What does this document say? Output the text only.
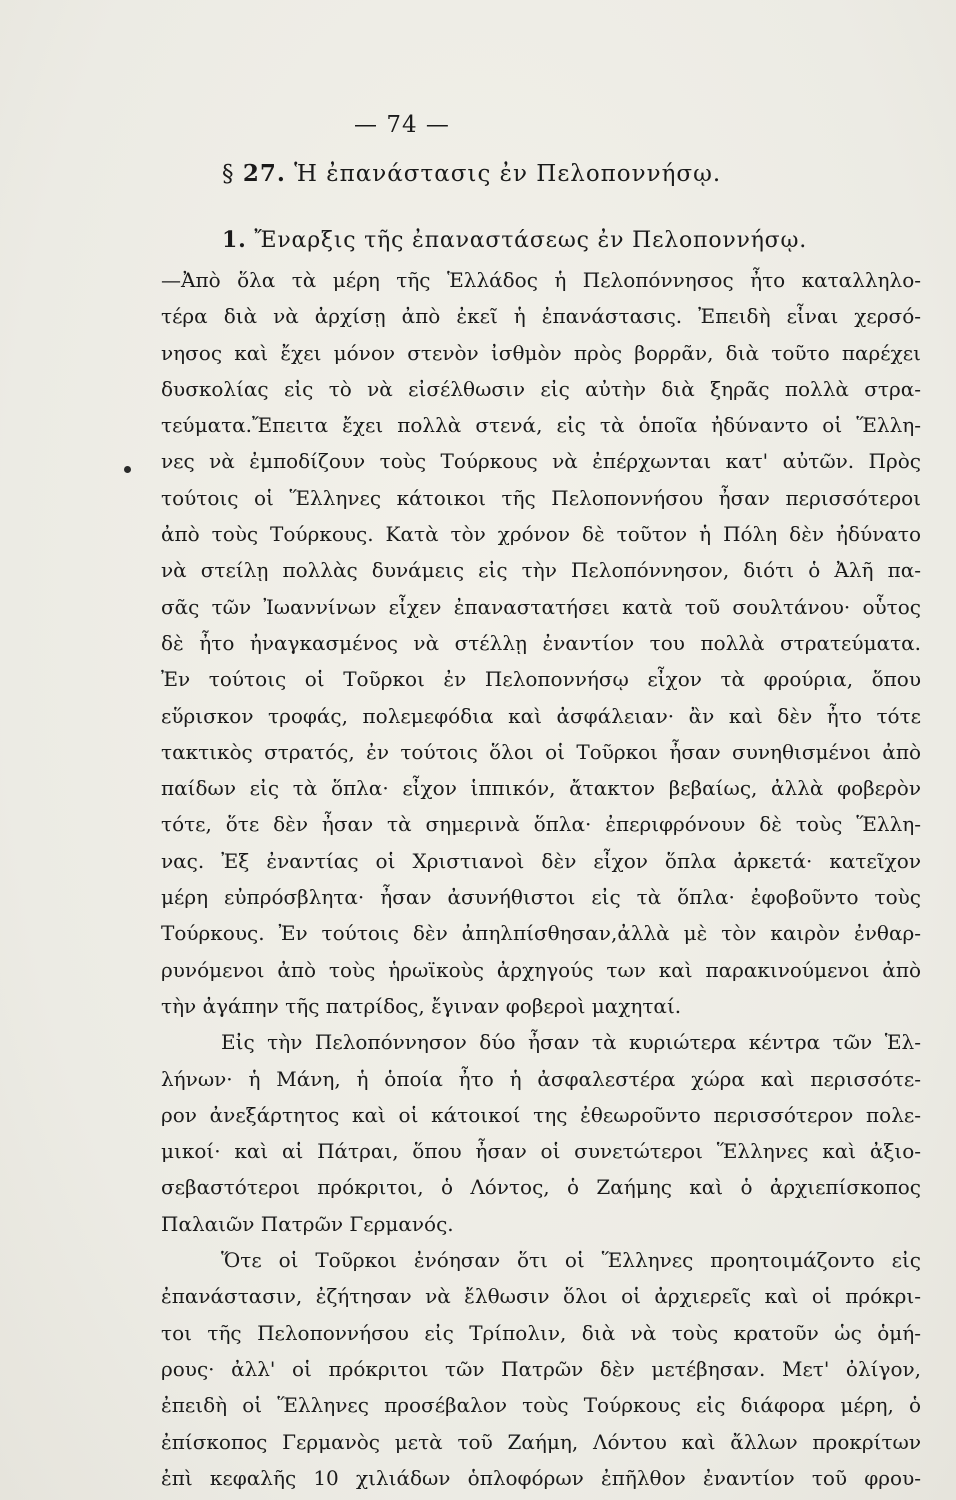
— 74 —
§ 27. Ἡ ἐπανάστασις ἐν Πελοποννήσῳ.
1. Ἔναρξις τῆς ἐπαναστάσεως ἐν Πελοποννήσῳ.
—Ἀπὸ ὅλα τὰ μέρη τῆς Ἑλλάδος ἡ Πελοπόννησος ἦτο καταλληλο-
τέρα διὰ νὰ ἀρχίσῃ ἀπὸ ἐκεῖ ἡ ἐπανάστασις. Ἐπειδὴ εἶναι χερσό-
νησος καὶ ἔχει μόνον στενὸν ἰσθμὸν πρὸς βορρᾶν, διὰ τοῦτο παρέχει
δυσκολίας εἰς τὸ νὰ εἰσέλθωσιν εἰς αὐτὴν διὰ ξηρᾶς πολλὰ στρα-
τεύματα.Ἔπειτα ἔχει πολλὰ στενά, εἰς τὰ ὁποῖα ἠδύναντο οἱ Ἕλλη-
νες νὰ ἐμποδίζουν τοὺς Τούρκους νὰ ἐπέρχωνται κατ' αὐτῶν. Πρὸς
τούτοις οἱ Ἕλληνες κάτοικοι τῆς Πελοποννήσου ἦσαν περισσότεροι
ἀπὸ τοὺς Τούρκους. Κατὰ τὸν χρόνον δὲ τοῦτον ἡ Πόλη δὲν ἠδύνατο
νὰ στείλῃ πολλὰς δυνάμεις εἰς τὴν Πελοπόννησον, διότι ὁ Ἀλῆ πα-
σᾶς τῶν Ἰωαννίνων εἶχεν ἐπαναστατήσει κατὰ τοῦ σουλτάνου· οὗτος
δὲ ἦτο ἠναγκασμένος νὰ στέλλῃ ἐναντίον του πολλὰ στρατεύματα.
Ἐν τούτοις οἱ Τοῦρκοι ἐν Πελοποννήσῳ εἶχον τὰ φρούρια, ὅπου
εὕρισκον τροφάς, πολεμεφόδια καὶ ἀσφάλειαν· ἂν καὶ δὲν ἦτο τότε
τακτικὸς στρατός, ἐν τούτοις ὅλοι οἱ Τοῦρκοι ἦσαν συνηθισμένοι ἀπὸ
παίδων εἰς τὰ ὅπλα· εἶχον ἱππικόν, ἄτακτον βεβαίως, ἀλλὰ φοβερὸν
τότε, ὅτε δὲν ἦσαν τὰ σημερινὰ ὅπλα· ἐπεριφρόνουν δὲ τοὺς Ἕλλη-
νας. Ἐξ ἐναντίας οἱ Χριστιανοὶ δὲν εἶχον ὅπλα ἀρκετά· κατεῖχον
μέρη εὐπρόσβλητα· ἦσαν ἀσυνήθιστοι εἰς τὰ ὅπλα· ἐφοβοῦντο τοὺς
Τούρκους. Ἐν τούτοις δὲν ἀπηλπίσθησαν,ἀλλὰ μὲ τὸν καιρὸν ἐνθαρ-
ρυνόμενοι ἀπὸ τοὺς ἡρωϊκοὺς ἀρχηγούς των καὶ παρακινούμενοι ἀπὸ
τὴν ἀγάπην τῆς πατρίδος, ἔγιναν φοβεροὶ μαχηταί.
Εἰς τὴν Πελοπόννησον δύο ἦσαν τὰ κυριώτερα κέντρα τῶν Ἑλ-
λήνων· ἡ Μάνη, ἡ ὁποία ἦτο ἡ ἀσφαλεστέρα χώρα καὶ περισσότε-
ρον ἀνεξάρτητος καὶ οἱ κάτοικοί της ἐθεωροῦντο περισσότερον πολε-
μικοί· καὶ αἱ Πάτραι, ὅπου ἦσαν οἱ συνετώτεροι Ἕλληνες καὶ ἀξιο-
σεβαστότεροι πρόκριτοι, ὁ Λόντος, ὁ Ζαήμης καὶ ὁ ἀρχιεπίσκοπος
Παλαιῶν Πατρῶν Γερμανός.
Ὅτε οἱ Τοῦρκοι ἐνόησαν ὅτι οἱ Ἕλληνες προητοιμάζοντο εἰς
ἐπανάστασιν, ἐζήτησαν νὰ ἔλθωσιν ὅλοι οἱ ἀρχιερεῖς καὶ οἱ πρόκρι-
τοι τῆς Πελοποννήσου εἰς Τρίπολιν, διὰ νὰ τοὺς κρατοῦν ὡς ὁμή-
ρους· ἀλλ' οἱ πρόκριτοι τῶν Πατρῶν δὲν μετέβησαν. Μετ' ὀλίγον,
ἐπειδὴ οἱ Ἕλληνες προσέβαλον τοὺς Τούρκους εἰς διάφορα μέρη, ὁ
ἐπίσκοπος Γερμανὸς μετὰ τοῦ Ζαήμη, Λόντου καὶ ἄλλων προκρίτων
ἐπὶ κεφαλῆς 10 χιλιάδων ὁπλοφόρων ἐπῆλθον ἐναντίον τοῦ φρου-
